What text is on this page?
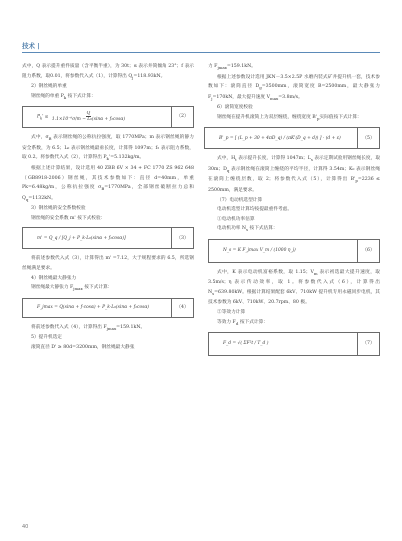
技术 |

式中，Q 表示提升重件质量（含平衡半重），为 30t；α 表示井筒倾角 23°；f 表示阻力系数，取0.01，将参数代入式（1），计算得出 $Q_j=118.93kN$。

2）钢丝绳的单重

钢丝绳的单重 $P_k$ 按下式计算：

$P_k' \ge \frac{Q}{\text{1.1×10⁻⁶σ/m − L₀(sinα + f₂cosα)}}$	（2）

式中，$\sigma_B$ 表示钢丝绳的公称抗拉强度，取 1770MPa；m 表示钢丝绳的静力安全系数，为 6.5；L₀ 表示钢丝绳最垂长度，计算得 1097m；f₂ 表示阻力系数，取 0.2。将参数代入式（2），计算得出 $P_k'=5.132kg/m$。

根据上述计算结果，设计选用 40 ZBB 6V × 34 + FC 1770 ZS 962 648（GB8918-2006）钢丝绳，其技术参数如下：直径 d=40mm，单重 Pk=6.48kg/m，公称抗拉强度 $\sigma_B=1770MPa$，全部钢丝破断拉力总和 $Q_q=1132kN$。

3）钢丝绳的安全系数校验

钢丝绳的安全系数 m' 按下式校验：

m' = Q_q / [Q_j + P_k·L₀(sinα + f₂cosα)]	（3）

将前述参数代入式（3），计算得出 m' =7.12，大于规程要求的 6.5，所选钢丝绳满足要求。

4）钢丝绳最大静张力

钢丝绳最大静张力 $F_{jmax}$ 按下式计算：

F_jmax = Q(sinα + f·cosα) + P_k·L₀(sinα + f₂cosα)	（4）

将前述参数代入式（4），计算得出 $F_{jmax}=159.1kN$。

5）提升机选定

滚筒直径 D' ≥ 80d=3200mm，钢丝绳最大静张

力 $F_{jmax}=159.1kN$。

根据上述参数设计选用 JKN－3.5×2.5P 水磨内装式矿井提升机一套，技术参数如下：滚筒直径 $D_g=3500mm$，滚筒宽度 B=2500mm，最大静张力 $F_j=170kN$，最大提升速度 $V_{max}=3.8m/s$。

6）滚筒宽度校验

钢丝绳在提升机滚筒上为双层缠绕，缠绕宽度 $B'_p$实际值按下式计算：

B'_p = [ (L_p + 30 + 4πD_q) / (πK'(D_q + d)) ] · (d + ε)	（5）

式中，$H_t$ 表示提升长度，计算得 1047m；$L_s$ 表示定期试验用钢丝绳长度，取 30m；$D_q$ 表示钢丝绳在滚筒上缠绕的平均半径，计算得 3.54m；K₀ 表示钢丝绳在滚筒上缠绕层数，取 2；将参数代入式（5），计算得出 $B'_p=2236 \le 2500mm$，满足要求。

（7）电动机选型计算

电动机选型计算均按提最重件考虑。

①电动机功率估算

电动机功率 $N_s$ 按下式估算：

N_s = K F_jmax V_m / (1000 η_j)	（6）

式中，K 表示电动机富裕系数，取 1.15；$V_m$ 表示初选最大提升速度，取 3.5m/s；η 表示传动效率，取 1。将参数代入式（6），计算得出 $N_s=639.80kW$。根据计算结果配套 6kV、710kW 提升机专用永磁同步电机，其技术参数为 6kV、710kW、20.7rpm、80 极。

②等效力计算

等效力 $F_d$ 按下式计算：

F_d = √( ΣF²t / T_d )	（7）
40
